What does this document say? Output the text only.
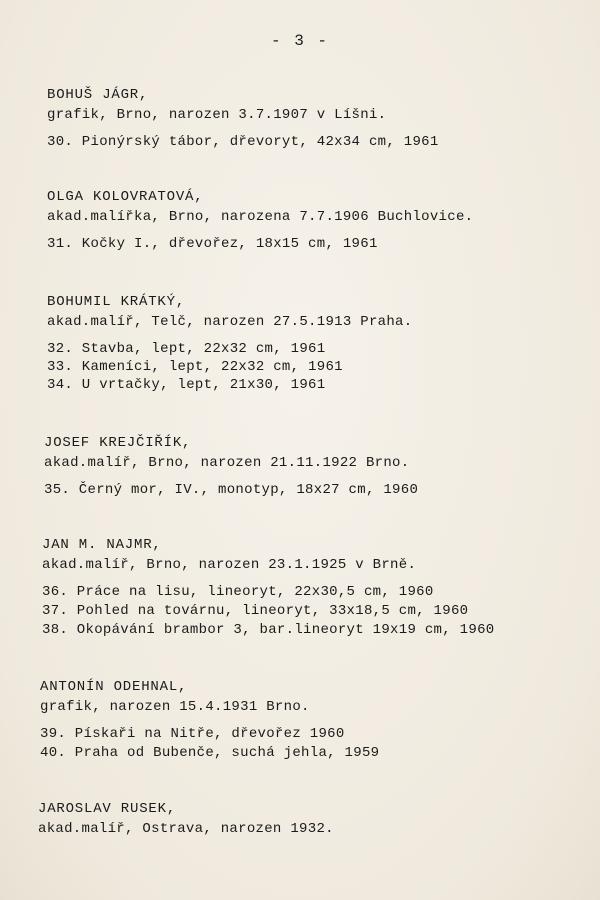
- 3 -
BOHUŠ JÁGR,
grafik, Brno, narozen 3.7.1907 v Líšni.
30. Pionýrský tábor, dřevoryt, 42x34 cm, 1961
OLGA KOLOVRATOVÁ,
akad.malířka, Brno, narozena 7.7.1906 Buchlovice.
31. Kočky I., dřevořez, 18x15 cm, 1961
BOHUMIL KRÁTKÝ,
akad.malíř, Telč, narozen 27.5.1913 Praha.
32. Stavba, lept, 22x32 cm, 1961
33. Kameníci, lept, 22x32 cm, 1961
34. U vrtačky, lept, 21x30, 1961
JOSEF KREJČIŘÍK,
akad.malíř, Brno, narozen 21.11.1922 Brno.
35. Černý mor, IV., monotyp, 18x27 cm, 1960
JAN M. NAJMR,
akad.malíř, Brno, narozen 23.1.1925 v Brně.
36. Práce na lisu, lineoryt, 22x30,5 cm, 1960
37. Pohled na továrnu, lineoryt, 33x18,5 cm, 1960
38. Okopávání brambor 3, bar.lineoryt 19x19 cm, 1960
ANTONÍN ODEHNAL,
grafik, narozen 15.4.1931 Brno.
39. Pískaři na Nitře, dřevořez 1960
40. Praha od Bubenče, suchá jehla, 1959
JAROSLAV RUSEK,
akad.malíř, Ostrava, narozen 1932.
